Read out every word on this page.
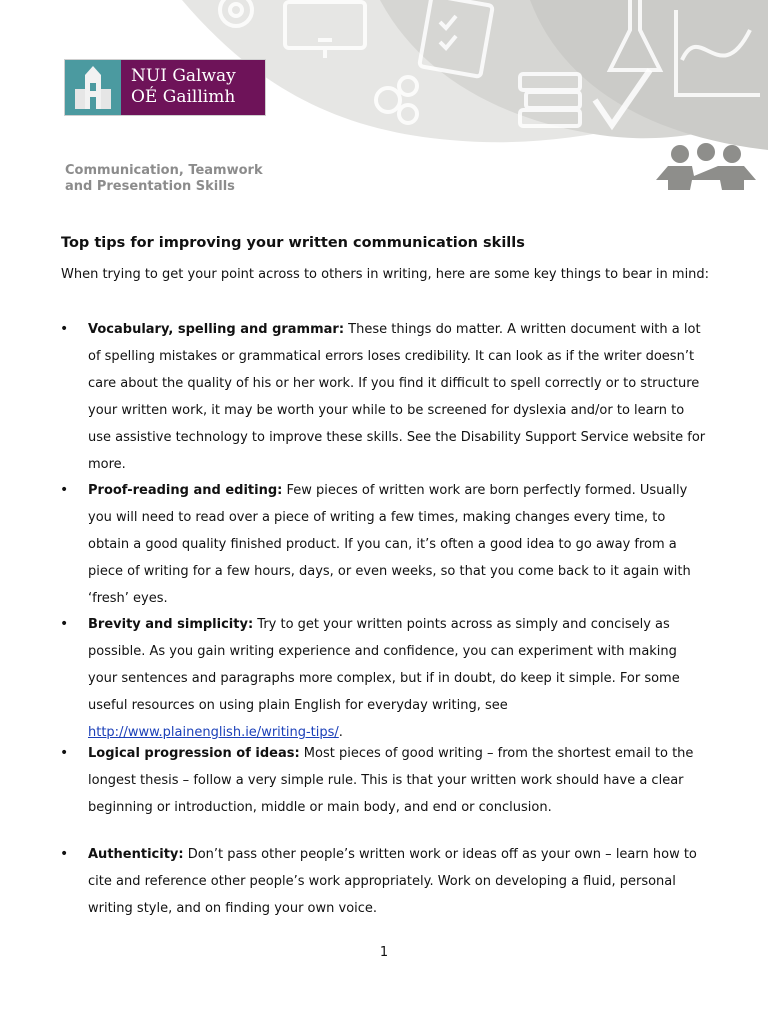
NUI Galway
OÉ Gaillimh
Communication, Teamwork
and Presentation Skills
Top tips for improving your written communication skills

When trying to get your point across to others in writing, here are some key things to bear in mind:

• Vocabulary, spelling and grammar: These things do matter. A written document with a lot of spelling mistakes or grammatical errors loses credibility. It can look as if the writer doesn’t care about the quality of his or her work. If you find it difficult to spell correctly or to structure your written work, it may be worth your while to be screened for dyslexia and/or to learn to use assistive technology to improve these skills. See the Disability Support Service website for more.

• Proof-reading and editing: Few pieces of written work are born perfectly formed. Usually you will need to read over a piece of writing a few times, making changes every time, to obtain a good quality finished product. If you can, it’s often a good idea to go away from a piece of writing for a few hours, days, or even weeks, so that you come back to it again with ‘fresh’ eyes.

• Brevity and simplicity: Try to get your written points across as simply and concisely as possible. As you gain writing experience and confidence, you can experiment with making your sentences and paragraphs more complex, but if in doubt, do keep it simple. For some useful resources on using plain English for everyday writing, see http://www.plainenglish.ie/writing-tips/.

• Logical progression of ideas: Most pieces of good writing – from the shortest email to the longest thesis – follow a very simple rule. This is that your written work should have a clear beginning or introduction, middle or main body, and end or conclusion.

• Authenticity: Don’t pass other people’s written work or ideas off as your own – learn how to cite and reference other people’s work appropriately. Work on developing a fluid, personal writing style, and on finding your own voice.

1
